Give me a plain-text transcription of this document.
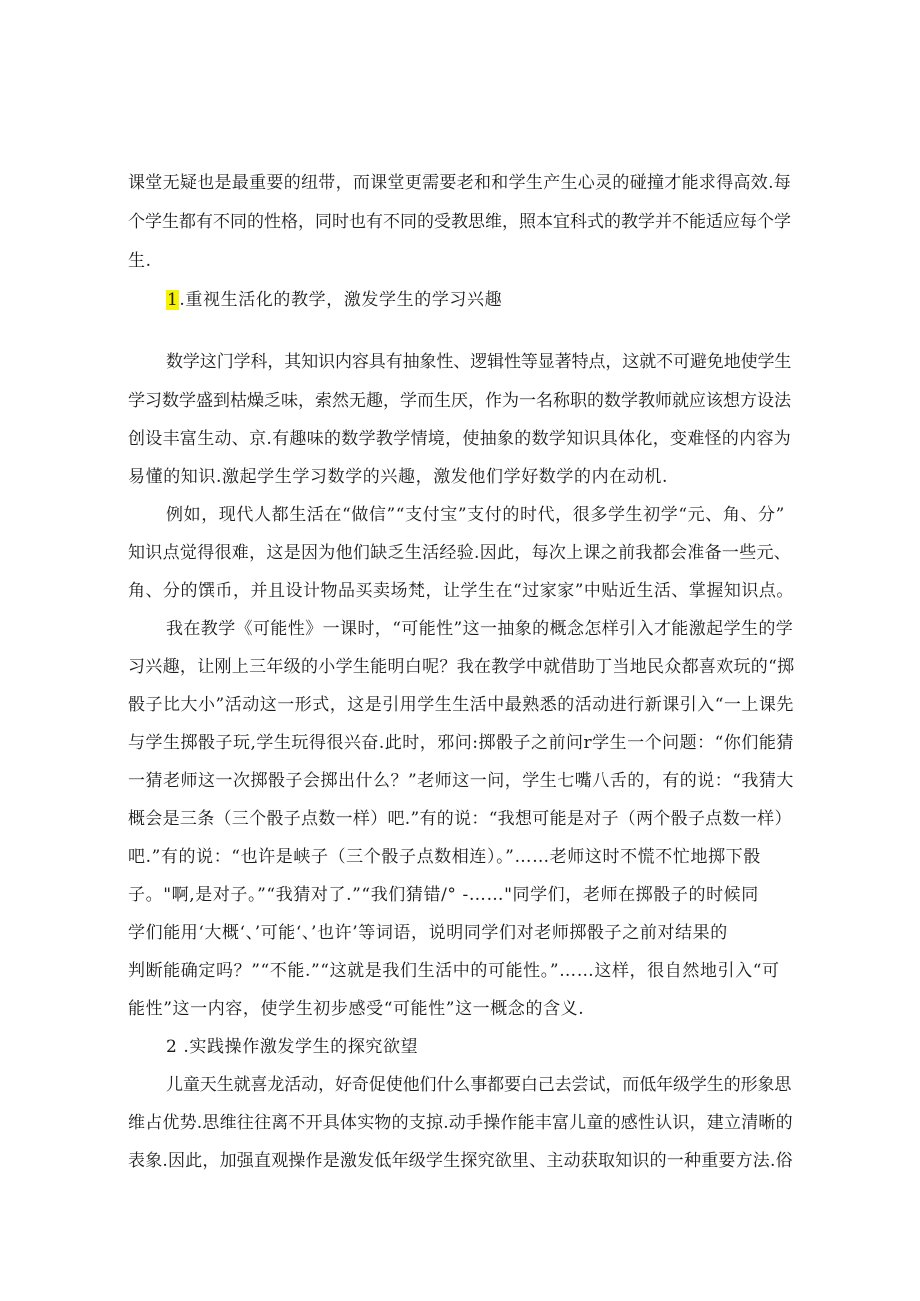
课堂无疑也是最重要的纽带，而课堂更需要老和和学生产生心灵的碰撞才能求得高效.每
个学生都有不同的性格，同时也有不同的受教思维，照本宜科式的教学并不能适应每个学
生.
1.重视生活化的教学，激发学生的学习兴趣
数学这门学科，其知识内容具有抽象性、逻辑性等显著特点，这就不可避免地使学生
学习数学盛到枯燥乏味，索然无趣，学而生厌，作为一名称职的数学教师就应该想方设法
创设丰富生动、京.有趣味的数学教学情境，使抽象的数学知识具体化，变难怪的内容为
易懂的知识.激起学生学习数学的兴趣，激发他们学好数学的内在动机.
例如，现代人都生活在“做信”“支付宝”支付的时代，很多学生初学“元、角、分”
知识点觉得很难，这是因为他们缺乏生活经验.因此，每次上课之前我都会准备一些元、
角、分的馔币，并且设计物品买卖场梵，让学生在“过家家”中贴近生活、掌握知识点。
我在教学《可能性》一课时，“可能性”这一抽象的概念怎样引入才能激起学生的学
习兴趣，让刚上三年级的小学生能明白呢？我在教学中就借助丁当地民众都喜欢玩的“掷
骰子比大小”活动这一形式，这是引用学生生活中最熟悉的活动进行新课引入“一上课先
与学生掷骰子玩,学生玩得很兴奋.此时，邪问:掷骰子之前问r学生一个问题：“你们能猜
一猜老师这一次掷骰子会掷出什么？”老师这一问，学生七嘴八舌的，有的说：“我猜大
概会是三条（三个骰子点数一样）吧.”有的说：“我想可能是对子（两个骰子点数一样）
吧.”有的说：“也许是峡子（三个骰子点数相连）。”……老师这时不慌不忙地掷下骰
子。"啊,是对子。”“我猜对了.”“我们猜错/° -……"同学们，老师在掷骰子的时候同
学们能用‘大概‘、’可能‘、’也许’等词语，说明同学们对老师掷骰子之前对结果的
判断能确定吗？”“不能.”“这就是我们生活中的可能性。”……这样，很自然地引入“可
能性”这一内容，使学生初步感受“可能性”这一概念的含义.
2 .实践操作激发学生的探究欲望
儿童天生就喜龙活动，好奇促使他们什么事都要白己去尝试，而低年级学生的形象思
维占优势.思维往往离不开具体实物的支掠.动手操作能丰富儿童的感性认识，建立清晰的
表象.因此，加强直观操作是激发低年级学生探究欲里、主动获取知识的一种重要方法.俗
